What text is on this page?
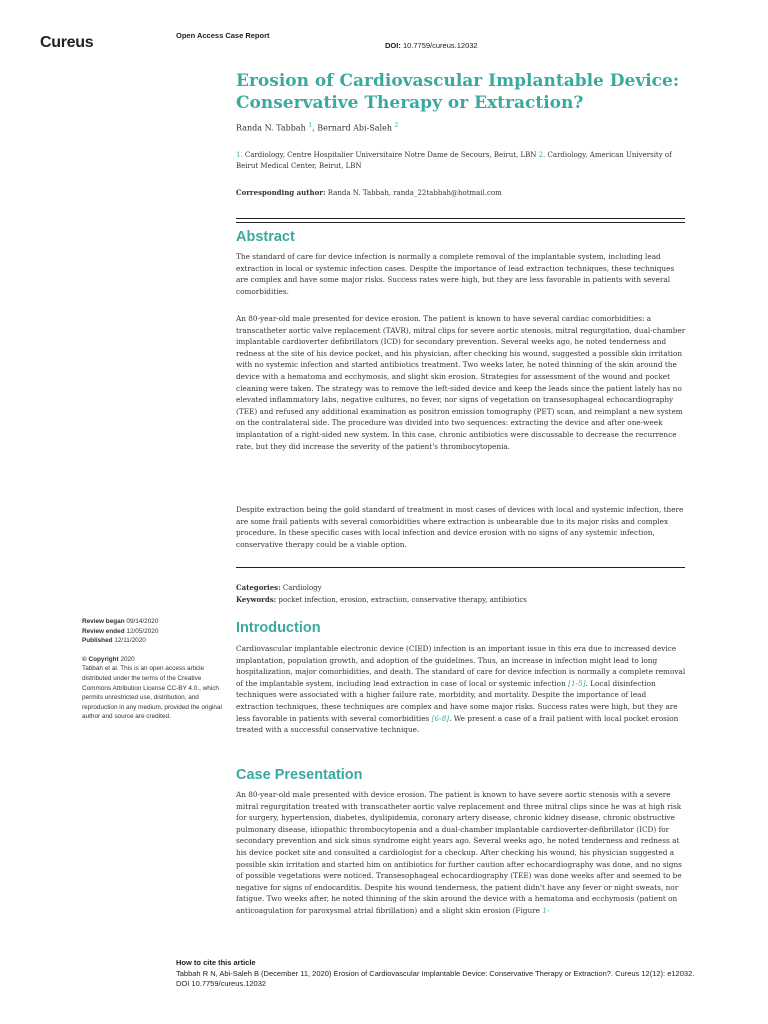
Cureus	Open Access Case Report
DOI: 10.7759/cureus.12032
Erosion of Cardiovascular Implantable Device: Conservative Therapy or Extraction?
Randa N. Tabbah $^1$, Bernard Abi-Saleh $^2$
1. Cardiology, Centre Hospitalier Universitaire Notre Dame de Secours, Beirut, LBN 2. Cardiology, American University of Beirut Medical Center, Beirut, LBN
Corresponding author: Randa N. Tabbah, randa_22tabbah@hotmail.com
Abstract

The standard of care for device infection is normally a complete removal of the implantable system, including lead extraction in local or systemic infection cases. Despite the importance of lead extraction techniques, these techniques are complex and have some major risks. Success rates were high, but they are less favorable in patients with several comorbidities.

An 80-year-old male presented for device erosion. The patient is known to have several cardiac comorbidities: a transcatheter aortic valve replacement (TAVR), mitral clips for severe aortic stenosis, mitral regurgitation, dual-chamber implantable cardioverter defibrillators (ICD) for secondary prevention. Several weeks ago, he noted tenderness and redness at the site of his device pocket, and his physician, after checking his wound, suggested a possible skin irritation with no systemic infection and started antibiotics treatment. Two weeks later, he noted thinning of the skin around the device with a hematoma and ecchymosis, and slight skin erosion. Strategies for assessment of the wound and pocket cleaning were taken. The strategy was to remove the left-sided device and keep the leads since the patient lately has no elevated inflammatory labs, negative cultures, no fever, nor signs of vegetation on transesophageal echocardiography (TEE) and refused any additional examination as positron emission tomography (PET) scan, and reimplant a new system on the contralateral side. The procedure was divided into two sequences: extracting the device and after one-week implantation of a right-sided new system. In this case, chronic antibiotics were discussable to decrease the recurrence rate, but they did increase the severity of the patient's thrombocytopenia.

Despite extraction being the gold standard of treatment in most cases of devices with local and systemic infection, there are some frail patients with several comorbidities where extraction is unbearable due to its major risks and complex procedure. In these specific cases with local infection and device erosion with no signs of any systemic infection, conservative therapy could be a viable option.

Categories: Cardiology
Keywords: pocket infection, erosion, extraction, conservative therapy, antibiotics
Review began 09/14/2020
Review ended 12/05/2020
Published 12/11/2020
© Copyright 2020
Tabbah et al. This is an open access article distributed under the terms of the Creative Commons Attribution License CC-BY 4.0., which permits unrestricted use, distribution, and reproduction in any medium, provided the original author and source are credited.
Introduction

Cardiovascular implantable electronic device (CIED) infection is an important issue in this era due to increased device implantation, population growth, and adoption of the guidelines. Thus, an increase in infection might lead to long hospitalization, major comorbidities, and death. The standard of care for device infection is normally a complete removal of the implantable system, including lead extraction in case of local or systemic infection [1-5]. Local disinfection techniques were associated with a higher failure rate, morbidity, and mortality. Despite the importance of lead extraction techniques, these techniques are complex and have some major risks. Success rates were high, but they are less favorable in patients with several comorbidities [6-8]. We present a case of a frail patient with local pocket erosion treated with a successful conservative technique.

Case Presentation

An 80-year-old male presented with device erosion. The patient is known to have severe aortic stenosis with a severe mitral regurgitation treated with transcatheter aortic valve replacement and three mitral clips since he was at high risk for surgery, hypertension, diabetes, dyslipidemia, coronary artery disease, chronic kidney disease, chronic obstructive pulmonary disease, idiopathic thrombocytopenia and a dual-chamber implantable cardioverter-defibrillator (ICD) for secondary prevention and sick sinus syndrome eight years ago. Several weeks ago, he noted tenderness and redness at his device pocket site and consulted a cardiologist for a checkup. After checking his wound, his physician suggested a possible skin irritation and started him on antibiotics for further caution after echocardiography was done, and no signs of possible vegetations were noticed. Transesophageal echocardiography (TEE) was done weeks after and seemed to be negative for signs of endocarditis. Despite his wound tenderness, the patient didn't have any fever or night sweats, nor fatigue. Two weeks after, he noted thinning of the skin around the device with a hematoma and ecchymosis (patient on anticoagulation for paroxysmal atrial fibrillation) and a slight skin erosion (Figure 1-

How to cite this article
Tabbah R N, Abi-Saleh B (December 11, 2020) Erosion of Cardiovascular Implantable Device: Conservative Therapy or Extraction?. Cureus 12(12): e12032. DOI 10.7759/cureus.12032
